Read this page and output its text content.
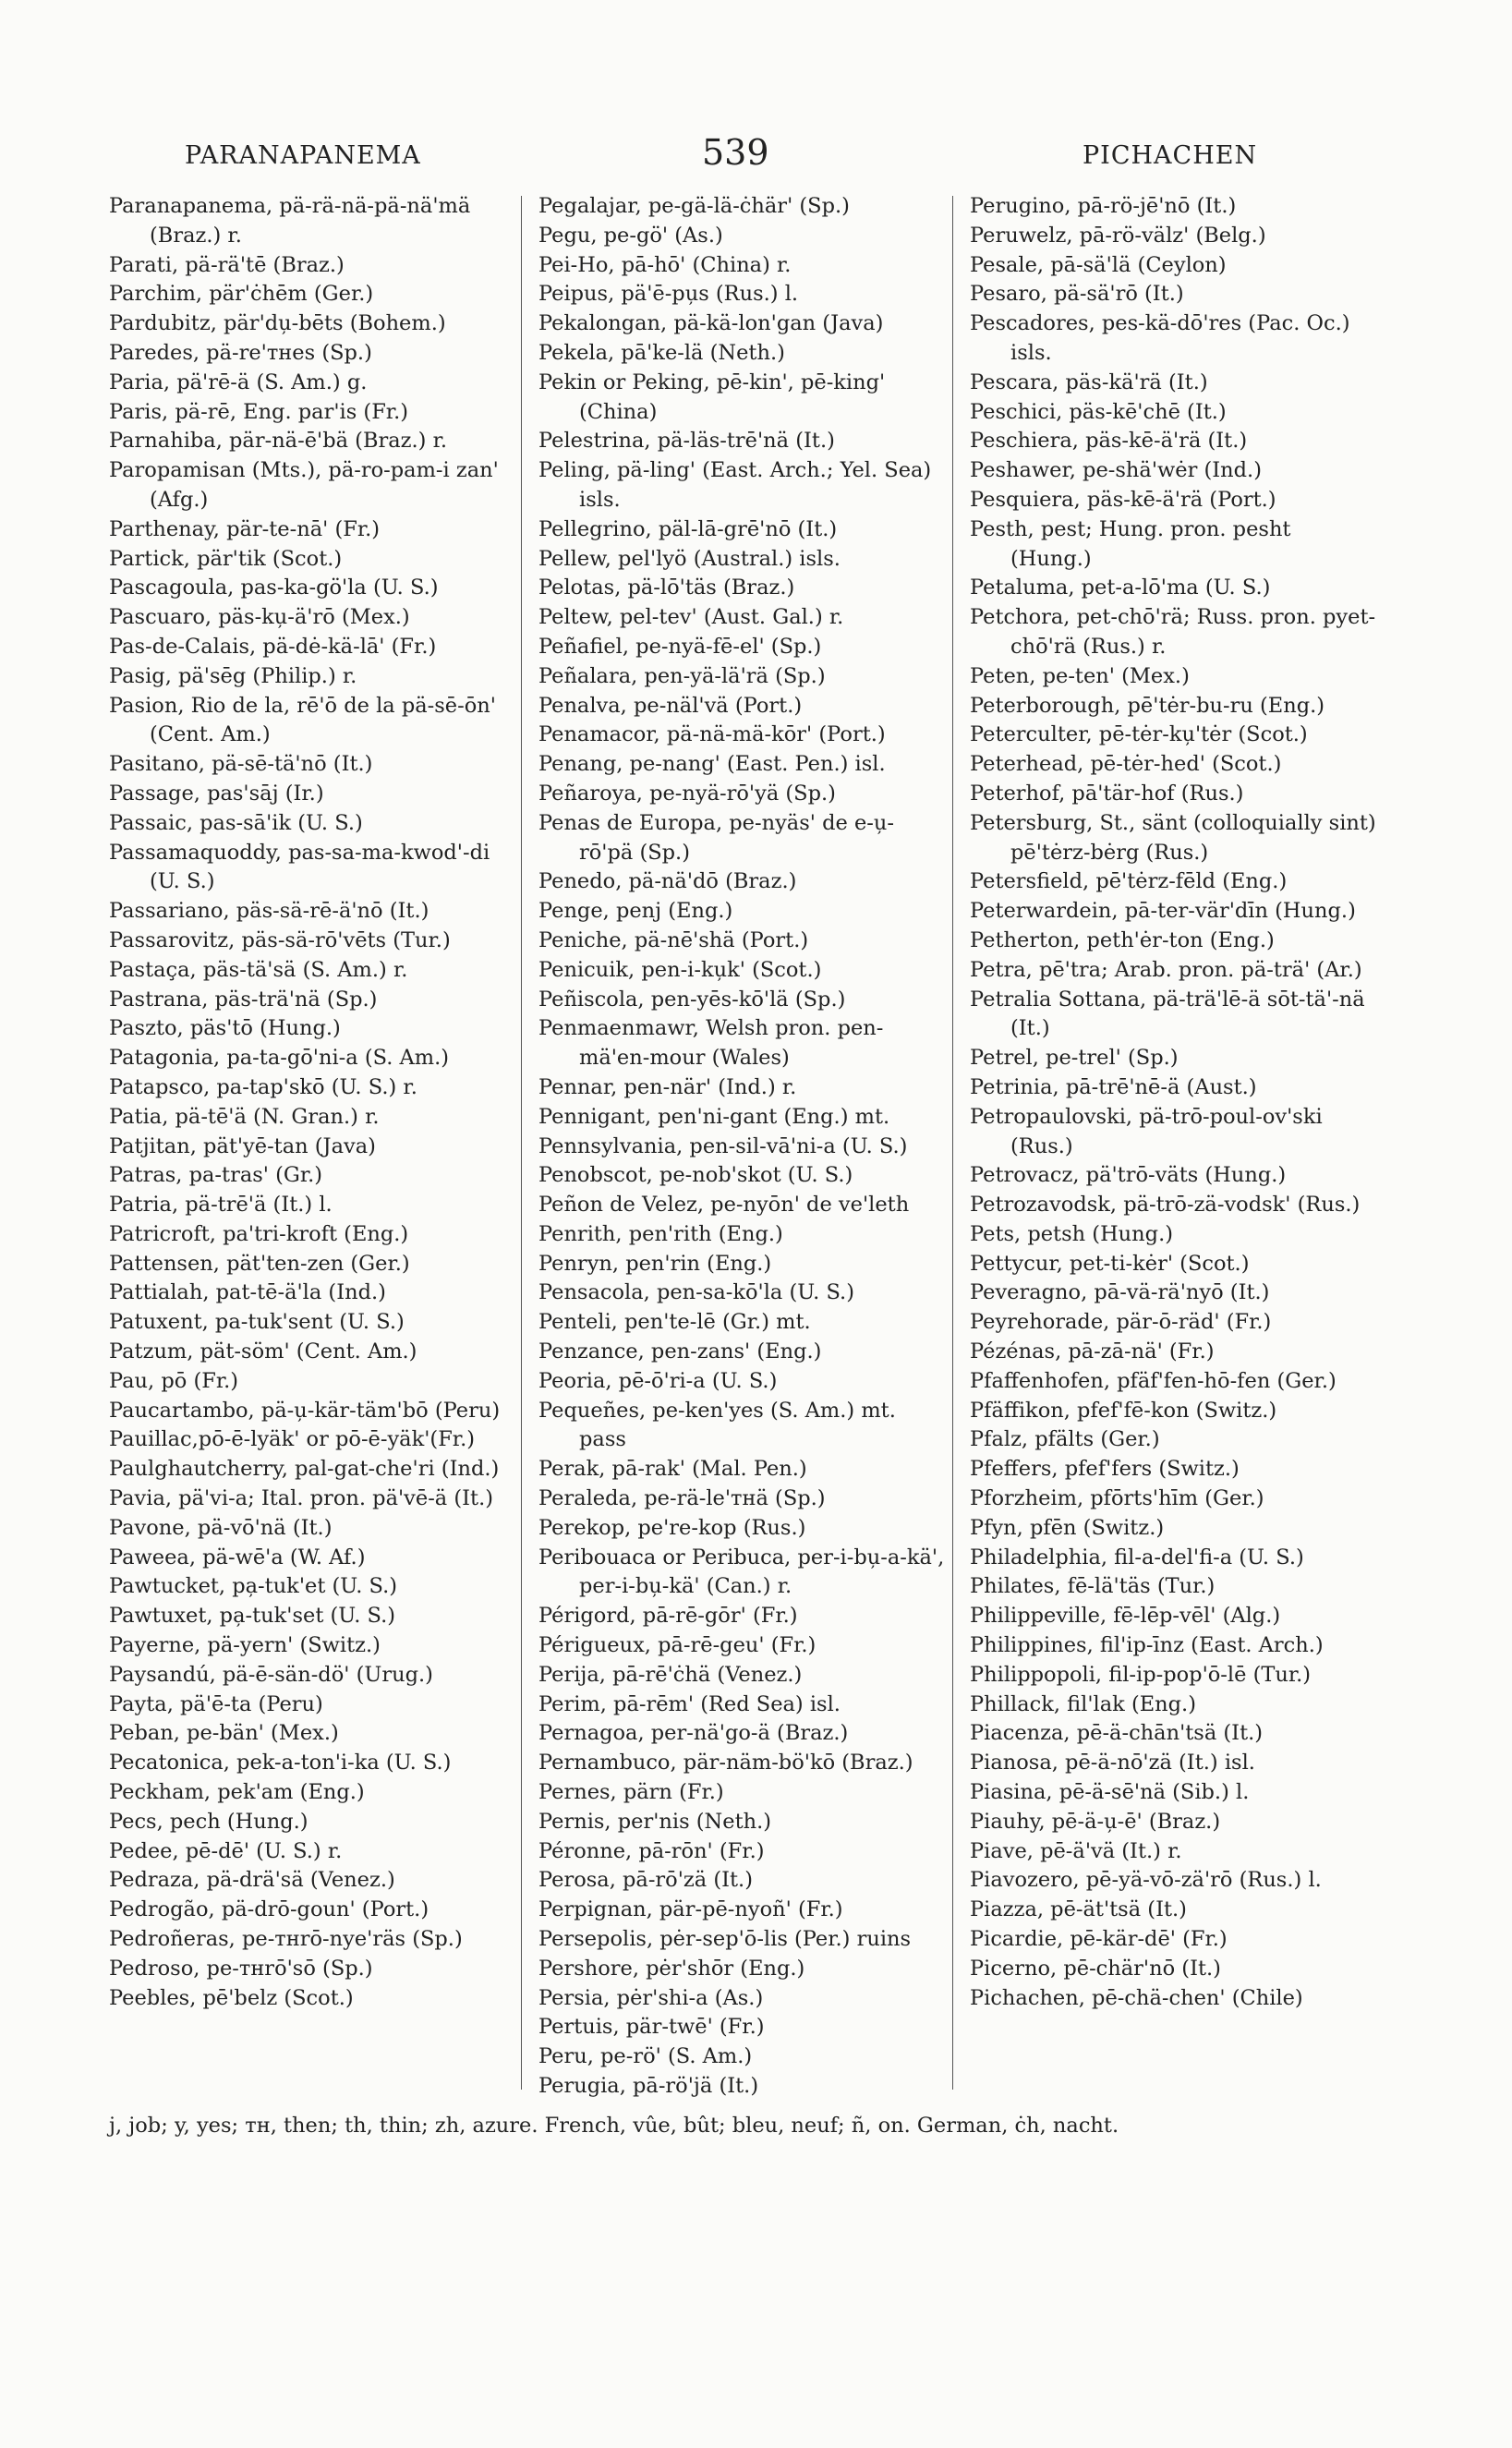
PARANAPANEMA	539	PICHACHEN
Paranapanema, pä-rä-nä-pä-nä'mä (Braz.) r.
Parati, pä-rä'tē (Braz.)
Parchim, pär'ċhēm (Ger.)
Pardubitz, pär'du̦-bēts (Bohem.)
Paredes, pä-re'ᴛʜes (Sp.)
Paria, pä'rē-ä (S. Am.) g.
Paris, pä-rē, Eng. par'is (Fr.)
Parnahiba, pär-nä-ē'bä (Braz.) r.
Paropamisan (Mts.), pä-ro-pam-i zan' (Afg.)
Parthenay, pär-te-nā' (Fr.)
Partick, pär'tik (Scot.)
Pascagoula, pas-ka-gö'la (U. S.)
Pascuaro, päs-ku̦-ä'rō (Mex.)
Pas-de-Calais, pä-dė-kä-lā' (Fr.)
Pasig, pä'sēg (Philip.) r.
Pasion, Rio de la, rē'ō de la pä-sē-ōn' (Cent. Am.)
Pasitano, pä-sē-tä'nō (It.)
Passage, pas'sāj (Ir.)
Passaic, pas-sā'ik (U. S.)
Passamaquoddy, pas-sa-ma-kwod'-di (U. S.)
Passariano, päs-sä-rē-ä'nō (It.)
Passarovitz, päs-sä-rō'vēts (Tur.)
Pastaça, päs-tä'sä (S. Am.) r.
Pastrana, päs-trä'nä (Sp.)
Paszto, päs'tō (Hung.)
Patagonia, pa-ta-gō'ni-a (S. Am.)
Patapsco, pa-tap'skō (U. S.) r.
Patia, pä-tē'ä (N. Gran.) r.
Patjitan, pät'yē-tan (Java)
Patras, pa-tras' (Gr.)
Patria, pä-trē'ä (It.) l.
Patricroft, pa'tri-kroft (Eng.)
Pattensen, pät'ten-zen (Ger.)
Pattialah, pat-tē-ä'la (Ind.)
Patuxent, pa-tuk'sent (U. S.)
Patzum, pät-söm' (Cent. Am.)
Pau, pō (Fr.)
Paucartambo, pä-u̦-kär-täm'bō (Peru)
Pauillac,pō-ē-lyäk' or pō-ē-yäk'(Fr.)
Paulghautcherry, pal-gat-che'ri (Ind.)
Pavia, pä'vi-a; Ital. pron. pä'vē-ä (It.)
Pavone, pä-vō'nä (It.)
Paweea, pä-wē'a (W. Af.)
Pawtucket, pa̦-tuk'et (U. S.)
Pawtuxet, pa̦-tuk'set (U. S.)
Payerne, pä-yern' (Switz.)
Paysandú, pä-ē-sän-dö' (Urug.)
Payta, pä'ē-ta (Peru)
Peban, pe-bän' (Mex.)
Pecatonica, pek-a-ton'i-ka (U. S.)
Peckham, pek'am (Eng.)
Pecs, pech (Hung.)
Pedee, pē-dē' (U. S.) r.
Pedraza, pä-drä'sä (Venez.)
Pedrogão, pä-drō-goun' (Port.)
Pedroñeras, pe-ᴛʜrō-nye'räs (Sp.)
Pedroso, pe-ᴛʜrō'sō (Sp.)
Peebles, pē'belz (Scot.)
Pegalajar, pe-gä-lä-ċhär' (Sp.)
Pegu, pe-gö' (As.)
Pei-Ho, pā-hō' (China) r.
Peipus, pä'ē-pu̦s (Rus.) l.
Pekalongan, pä-kä-lon'gan (Java)
Pekela, pā'ke-lä (Neth.)
Pekin or Peking, pē-kin', pē-king' (China)
Pelestrina, pä-läs-trē'nä (It.)
Peling, pä-ling' (East. Arch.; Yel. Sea) isls.
Pellegrino, päl-lā-grē'nō (It.)
Pellew, pel'lyö (Austral.) isls.
Pelotas, pä-lō'täs (Braz.)
Peltew, pel-tev' (Aust. Gal.) r.
Peñafiel, pe-nyä-fē-el' (Sp.)
Peñalara, pen-yä-lä'rä (Sp.)
Penalva, pe-näl'vä (Port.)
Penamacor, pä-nä-mä-kōr' (Port.)
Penang, pe-nang' (East. Pen.) isl.
Peñaroya, pe-nyä-rō'yä (Sp.)
Penas de Europa, pe-nyäs' de e-u̦-rō'pä (Sp.)
Penedo, pä-nä'dō (Braz.)
Penge, penj (Eng.)
Peniche, pä-nē'shä (Port.)
Penicuik, pen-i-ku̦k' (Scot.)
Peñiscola, pen-yēs-kō'lä (Sp.)
Penmaenmawr, Welsh pron. pen-mä'en-mour (Wales)
Pennar, pen-när' (Ind.) r.
Pennigant, pen'ni-gant (Eng.) mt.
Pennsylvania, pen-sil-vā'ni-a (U. S.)
Penobscot, pe-nob'skot (U. S.)
Peñon de Velez, pe-nyōn' de ve'leth
Penrith, pen'rith (Eng.)
Penryn, pen'rin (Eng.)
Pensacola, pen-sa-kō'la (U. S.)
Penteli, pen'te-lē (Gr.) mt.
Penzance, pen-zans' (Eng.)
Peoria, pē-ō'ri-a (U. S.)
Pequeñes, pe-ken'yes (S. Am.) mt. pass
Perak, pā-rak' (Mal. Pen.)
Peraleda, pe-rä-le'ᴛʜä (Sp.)
Perekop, pe're-kop (Rus.)
Peribouaca or Peribuca, per-i-bu̦-a-kä', per-i-bu̦-kä' (Can.) r.
Périgord, pā-rē-gōr' (Fr.)
Périgueux, pā-rē-geu' (Fr.)
Perija, pā-rē'ċhä (Venez.)
Perim, pā-rēm' (Red Sea) isl.
Pernagoa, per-nä'go-ä (Braz.)
Pernambuco, pär-näm-bö'kō (Braz.)
Pernes, pärn (Fr.)
Pernis, per'nis (Neth.)
Péronne, pā-rōn' (Fr.)
Perosa, pā-rō'zä (It.)
Perpignan, pär-pē-nyoñ' (Fr.)
Persepolis, pėr-sep'ō-lis (Per.) ruins
Pershore, pėr'shōr (Eng.)
Persia, pėr'shi-a (As.)
Pertuis, pär-twē' (Fr.)
Peru, pe-rö' (S. Am.)
Perugia, pā-rö'jä (It.)
Perugino, pā-rö-jē'nō (It.)
Peruwelz, pā-rö-välz' (Belg.)
Pesale, pā-sä'lä (Ceylon)
Pesaro, pä-sä'rō (It.)
Pescadores, pes-kä-dō'res (Pac. Oc.) isls.
Pescara, päs-kä'rä (It.)
Peschici, päs-kē'chē (It.)
Peschiera, päs-kē-ä'rä (It.)
Peshawer, pe-shä'wėr (Ind.)
Pesquiera, päs-kē-ä'rä (Port.)
Pesth, pest; Hung. pron. pesht (Hung.)
Petaluma, pet-a-lō'ma (U. S.)
Petchora, pet-chō'rä; Russ. pron. pyet-chō'rä (Rus.) r.
Peten, pe-ten' (Mex.)
Peterborough, pē'tėr-bu-ru (Eng.)
Peterculter, pē-tėr-ku̦'tėr (Scot.)
Peterhead, pē-tėr-hed' (Scot.)
Peterhof, pā'tär-hof (Rus.)
Petersburg, St., sänt (colloquially sint) pē'tėrz-bėrg (Rus.)
Petersfield, pē'tėrz-fēld (Eng.)
Peterwardein, pā-ter-vär'dīn (Hung.)
Petherton, peth'ėr-ton (Eng.)
Petra, pē'tra; Arab. pron. pä-trä' (Ar.)
Petralia Sottana, pä-trä'lē-ä sōt-tä'-nä (It.)
Petrel, pe-trel' (Sp.)
Petrinia, pā-trē'nē-ä (Aust.)
Petropaulovski, pä-trō-poul-ov'ski (Rus.)
Petrovacz, pä'trō-väts (Hung.)
Petrozavodsk, pä-trō-zä-vodsk' (Rus.)
Pets, petsh (Hung.)
Pettycur, pet-ti-kėr' (Scot.)
Peveragno, pā-vä-rä'nyō (It.)
Peyrehorade, pär-ō-räd' (Fr.)
Pézénas, pā-zā-nä' (Fr.)
Pfaffenhofen, pfäf'fen-hō-fen (Ger.)
Pfäffikon, pfef'fē-kon (Switz.)
Pfalz, pfälts (Ger.)
Pfeffers, pfef'fers (Switz.)
Pforzheim, pfōrts'hīm (Ger.)
Pfyn, pfēn (Switz.)
Philadelphia, fil-a-del'fi-a (U. S.)
Philates, fē-lä'täs (Tur.)
Philippeville, fē-lēp-vēl' (Alg.)
Philippines, fil'ip-īnz (East. Arch.)
Philippopoli, fil-ip-pop'ō-lē (Tur.)
Phillack, fil'lak (Eng.)
Piacenza, pē-ä-chān'tsä (It.)
Pianosa, pē-ä-nō'zä (It.) isl.
Piasina, pē-ä-sē'nä (Sib.) l.
Piauhy, pē-ä-u̦-ē' (Braz.)
Piave, pē-ä'vä (It.) r.
Piavozero, pē-yä-vō-zä'rō (Rus.) l.
Piazza, pē-ät'tsä (It.)
Picardie, pē-kär-dē' (Fr.)
Picerno, pē-chär'nō (It.)
Pichachen, pē-chä-chen' (Chile)
j, job; y, yes; ᴛʜ, then; th, thin; zh, azure. French, vûe, bût; bleu, neuf; ñ, on. German, ċh, nacht.
